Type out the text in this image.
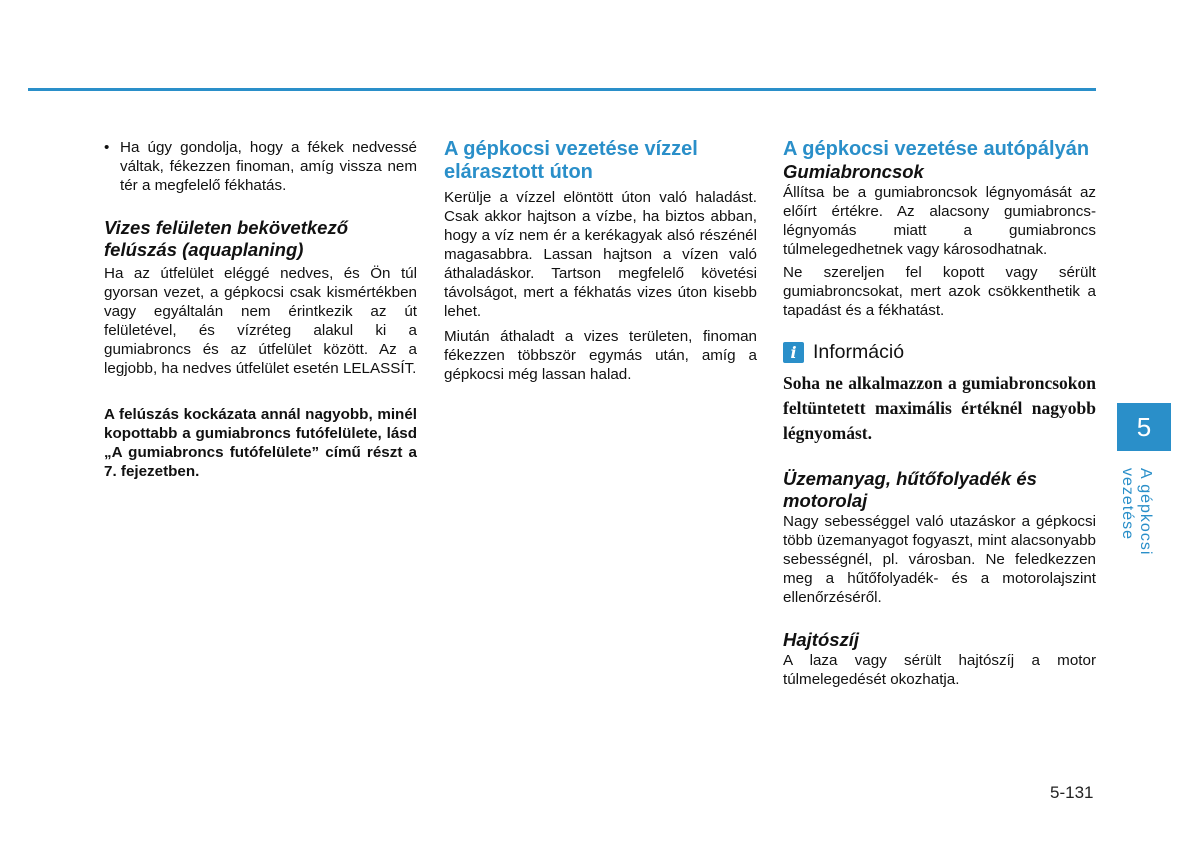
• Ha úgy gondolja, hogy a fékek nedvessé váltak, fékezzen finoman, amíg vissza nem tér a megfelelő fékhatás.
Vizes felületen bekövetkező felúszás (aquaplaning)

Ha az útfelület eléggé nedves, és Ön túl gyorsan vezet, a gépkocsi csak kismértékben vagy egyáltalán nem érintkezik az út felületével, és vízréteg alakul ki a gumiabroncs és az útfelület között. Az a legjobb, ha nedves útfelület esetén LELASSÍT.

A felúszás kockázata annál nagyobb, minél kopottabb a gumiabroncs futófelülete, lásd „A gumiabroncs futófelülete” című részt a 7. fejezetben.

A gépkocsi vezetése vízzel elárasztott úton

Kerülje a vízzel elöntött úton való haladást. Csak akkor hajtson a vízbe, ha biztos abban, hogy a víz nem ér a kerékagyak alsó részénél magasabbra. Lassan hajtson a vízen való áthaladáskor. Tartson megfelelő követési távolságot, mert a fékhatás vizes úton kisebb lehet.

Miután áthaladt a vizes területen, finoman fékezzen többször egymás után, amíg a gépkocsi még lassan halad.

A gépkocsi vezetése autópályán
Gumiabroncsok

Állítsa be a gumiabroncsok légnyomását az előírt értékre. Az alacsony gumiabroncs-légnyomás miatt a gumiabroncs túlmelegedhetnek vagy károsodhatnak.

Ne szereljen fel kopott vagy sérült gumiabroncsokat, mert azok csökkenthetik a tapadást és a fékhatást.

i Információ

Soha ne alkalmazzon a gumiabroncsokon feltüntetett maximális értéknél nagyobb légnyomást.

Üzemanyag, hűtőfolyadék és motorolaj

Nagy sebességgel való utazáskor a gépkocsi több üzemanyagot fogyaszt, mint alacsonyabb sebességnél, pl. városban. Ne feledkezzen meg a hűtőfolyadék- és a motorolajszint ellenőrzéséről.

Hajtószíj

A laza vagy sérült hajtószíj a motor túlmelegedését okozhatja.

5
A gépkocsi vezetése
5-131
